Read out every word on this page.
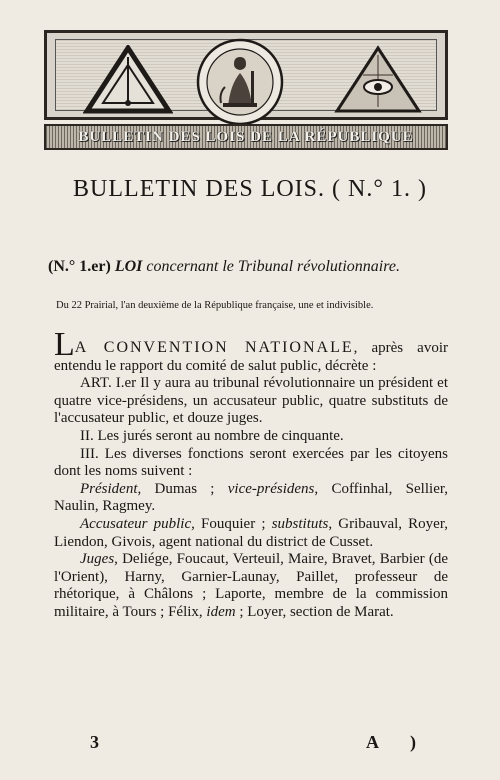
BULLETIN DES LOIS DE LA RÉPUBLIQUE
BULLETIN DES LOIS. ( N.° 1. )
(N.° 1.er) LOI concernant le Tribunal révolutionnaire.
Du 22 Prairial, l'an deuxième de la République française, une et indivisible.

LA CONVENTION NATIONALE, après avoir entendu le rapport du comité de salut public, décrète :

ART. I.er Il y aura au tribunal révolutionnaire un président et quatre vice-présidens, un accusateur public, quatre substituts de l'accusateur public, et douze juges.

II. Les jurés seront au nombre de cinquante.

III. Les diverses fonctions seront exercées par les citoyens dont les noms suivent :

Président, Dumas ; vice-présidens, Coffinhal, Sellier, Naulin, Ragmey.

Accusateur public, Fouquier ; substituts, Gribauval, Royer, Liendon, Givois, agent national du district de Cusset.

Juges, Deliége, Foucaut, Verteuil, Maire, Bravet, Barbier (de l'Orient), Harny, Garnier-Launay, Paillet, professeur de rhétorique, à Châlons ; Laporte, membre de la commission militaire, à Tours ; Félix, idem ; Loyer, section de Marat.

3	A )
